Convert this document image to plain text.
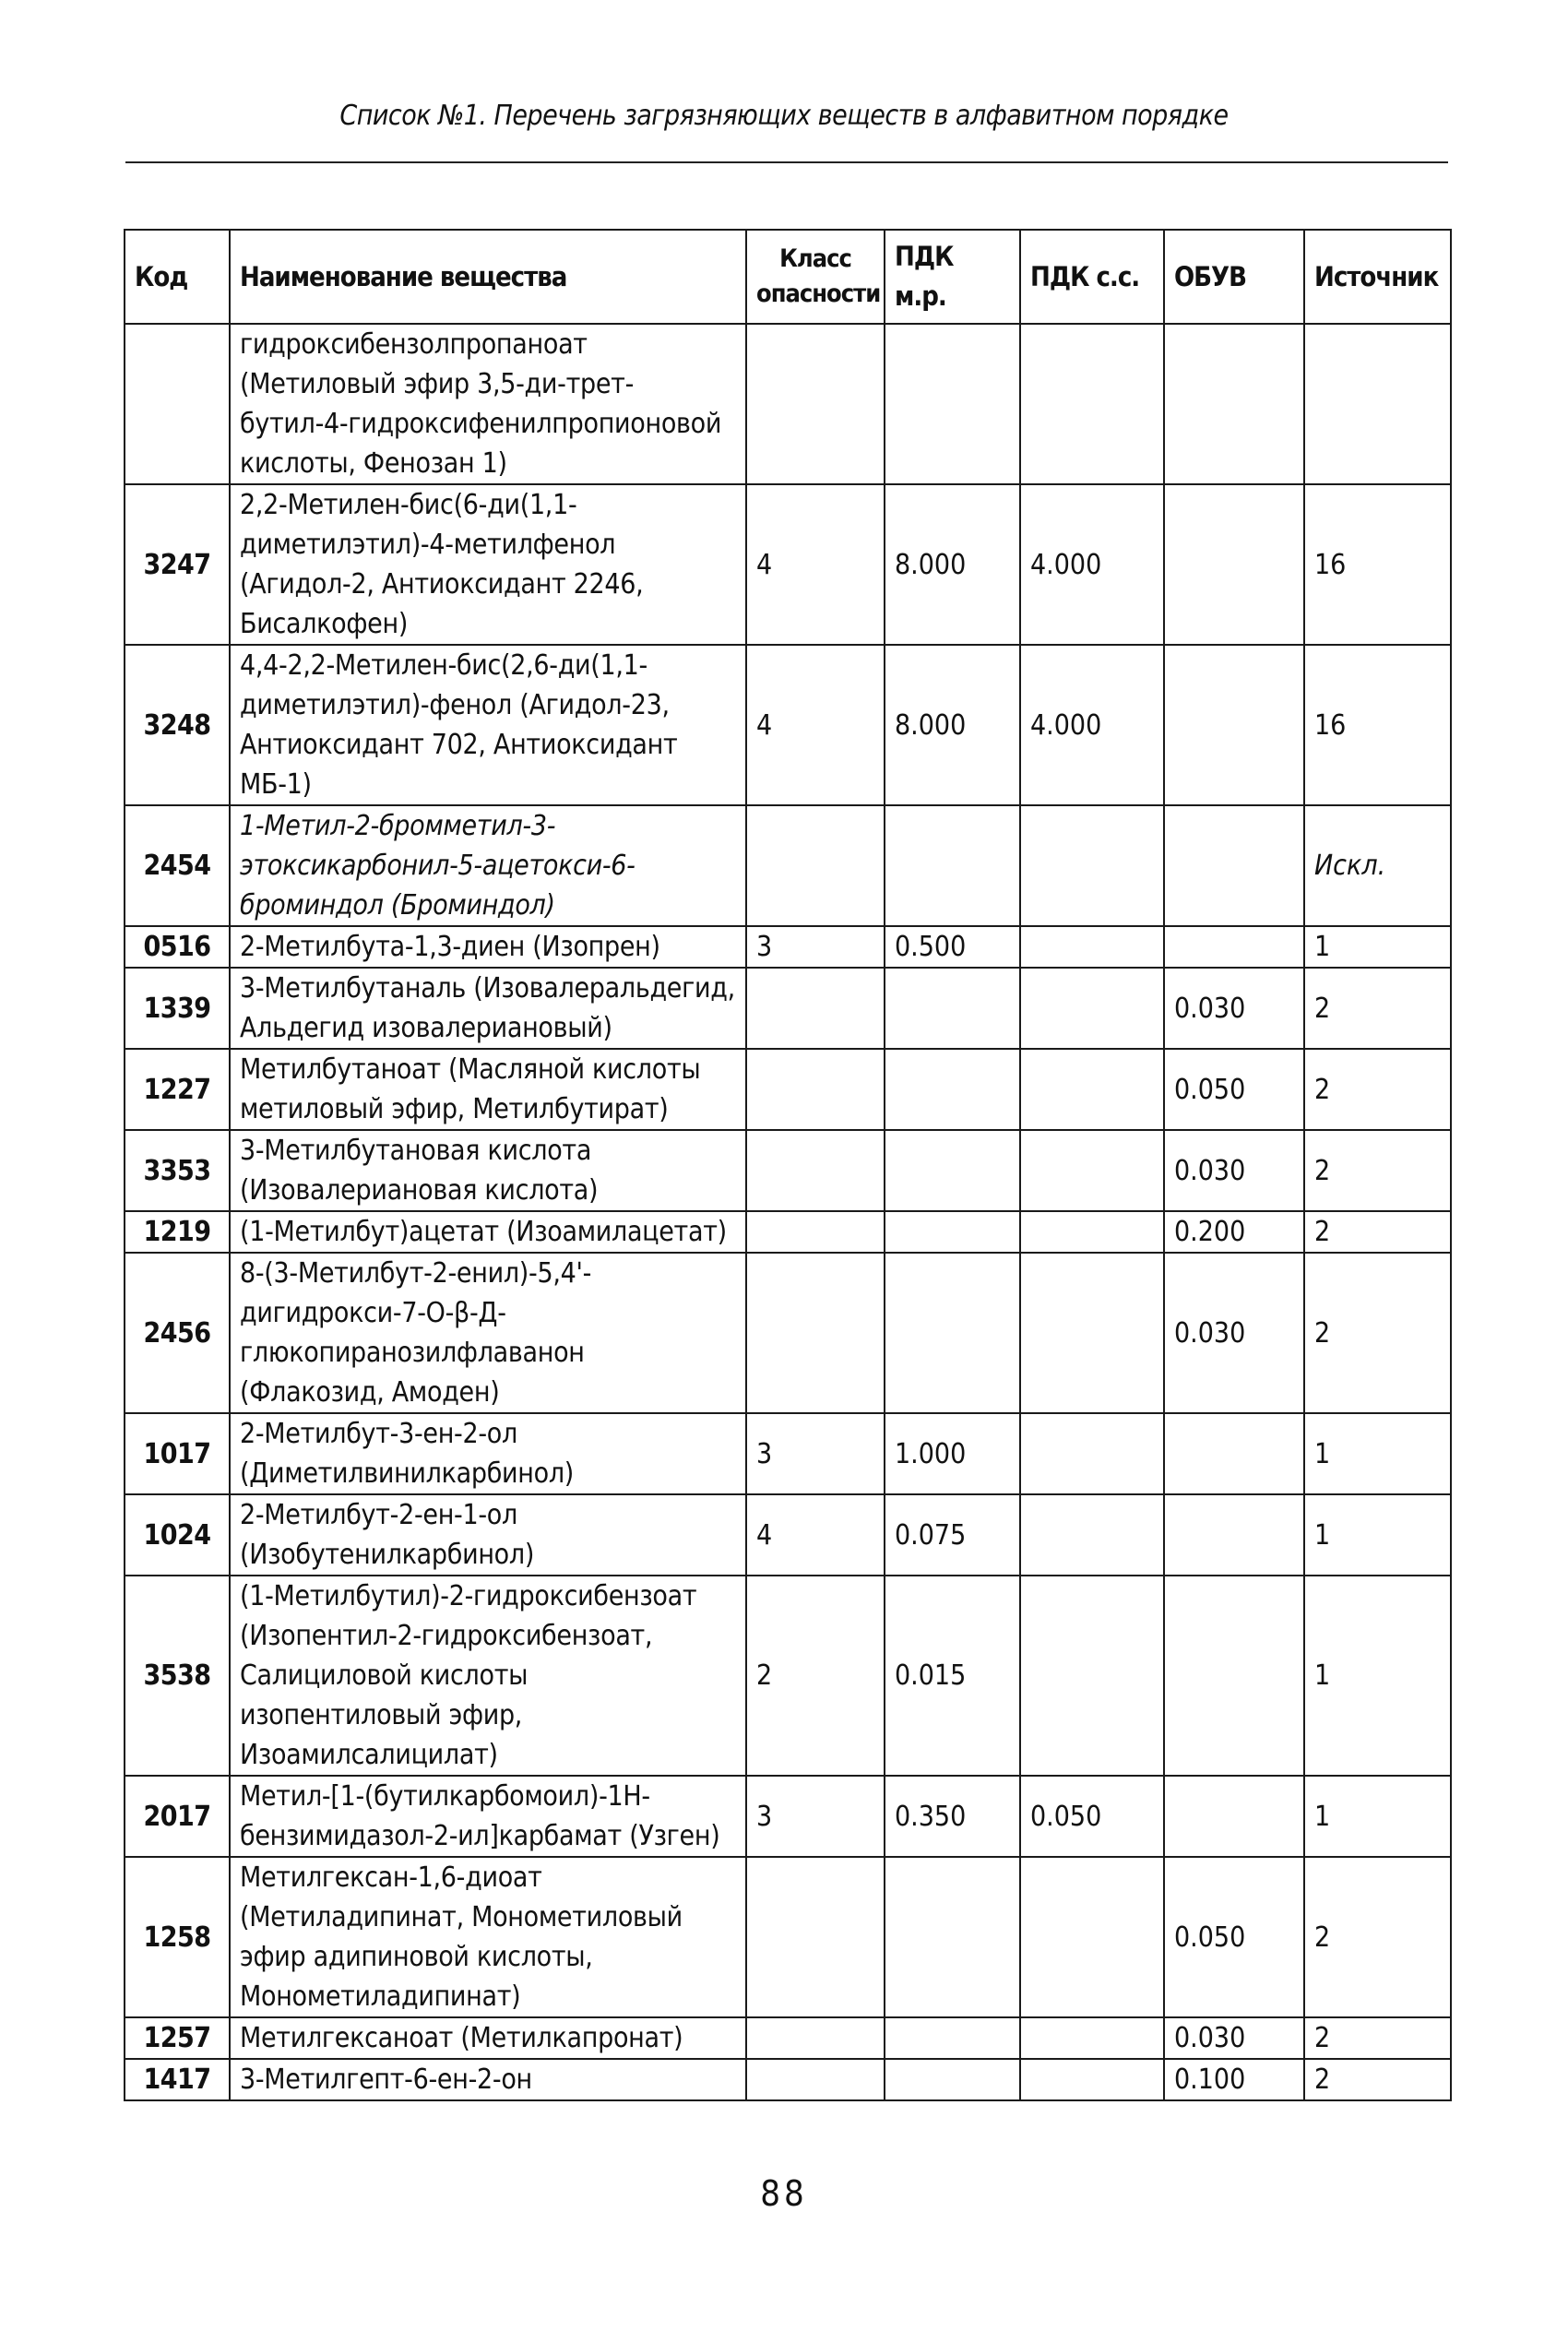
Список №1. Перечень загрязняющих веществ в алфавитном порядке
Код	Наименование вещества	Класс опасности	ПДК м.р.	ПДК с.с.	ОБУВ	Источник
	гидроксибензолпропаноат (Метиловый эфир 3,5-ди-трет-бутил-4-гидроксифенилпропионовой кислоты, Фенозан 1)					
3247	2,2-Метилен-бис(6-ди(1,1-диметилэтил)-4-метилфенол (Агидол-2, Антиоксидант 2246, Бисалкофен)	4	8.000	4.000		16
3248	4,4-2,2-Метилен-бис(2,6-ди(1,1-диметилэтил)-фенол (Агидол-23, Антиоксидант 702, Антиоксидант МБ-1)	4	8.000	4.000		16
2454	1-Метил-2-бромметил-3-этоксикарбонил-5-ацетокси-6-броминдол (Броминдол)					Искл.
0516	2-Метилбута-1,3-диен (Изопрен)	3	0.500			1
1339	3-Метилбутаналь (Изовалеральдегид, Альдегид изовалериановый)				0.030	2
1227	Метилбутаноат (Масляной кислоты метиловый эфир, Метилбутират)				0.050	2
3353	3-Метилбутановая кислота (Изовалериановая кислота)				0.030	2
1219	(1-Метилбут)ацетат (Изоамилацетат)				0.200	2
2456	8-(3-Метилбут-2-енил)-5,4'-дигидрокси-7-О-β-Д-глюкопиранозилфлаванон (Флакозид, Амоден)				0.030	2
1017	2-Метилбут-3-ен-2-ол (Диметилвинилкарбинол)	3	1.000			1
1024	2-Метилбут-2-ен-1-ол (Изобутенилкарбинол)	4	0.075			1
3538	(1-Метилбутил)-2-гидроксибензоат (Изопентил-2-гидроксибензоат, Салициловой кислоты изопентиловый эфир, Изоамилсалицилат)	2	0.015			1
2017	Метил-[1-(бутилкарбомоил)-1Н-бензимидазол-2-ил]карбамат (Узген)	3	0.350	0.050		1
1258	Метилгексан-1,6-диоат (Метиладипинат, Монометиловый эфир адипиновой кислоты, Монометиладипинат)				0.050	2
1257	Метилгексаноат (Метилкапронат)				0.030	2
1417	3-Метилгепт-6-ен-2-он				0.100	2
88
